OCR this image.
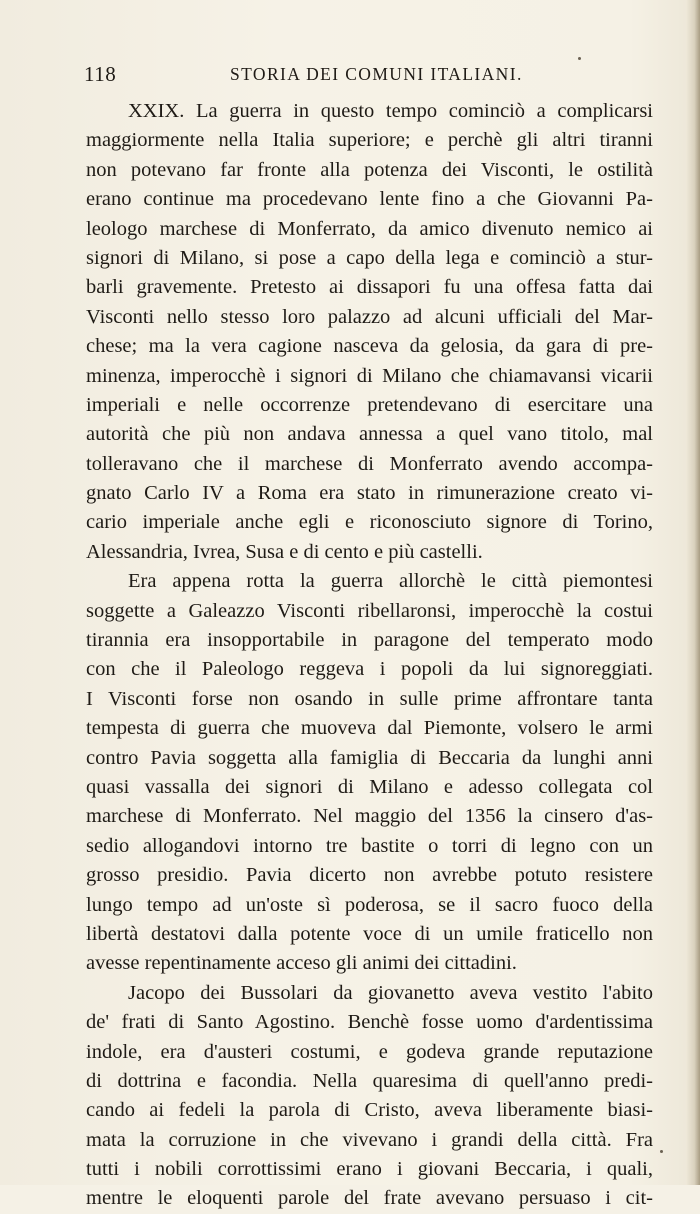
118	STORIA DEI COMUNI ITALIANI.
XXIX. La guerra in questo tempo cominciò a complicarsi
maggiormente nella Italia superiore; e perchè gli altri tiranni
non potevano far fronte alla potenza dei Visconti, le ostilità
erano continue ma procedevano lente fino a che Giovanni Pa-
leologo marchese di Monferrato, da amico divenuto nemico ai
signori di Milano, si pose a capo della lega e cominciò a stur-
barli gravemente. Pretesto ai dissapori fu una offesa fatta dai
Visconti nello stesso loro palazzo ad alcuni ufficiali del Mar-
chese; ma la vera cagione nasceva da gelosia, da gara di pre-
minenza, imperocchè i signori di Milano che chiamavansi vicarii
imperiali e nelle occorrenze pretendevano di esercitare una
autorità che più non andava annessa a quel vano titolo, mal
tolleravano che il marchese di Monferrato avendo accompa-
gnato Carlo IV a Roma era stato in rimunerazione creato vi-
cario imperiale anche egli e riconosciuto signore di Torino,
Alessandria, Ivrea, Susa e di cento e più castelli.
Era appena rotta la guerra allorchè le città piemontesi
soggette a Galeazzo Visconti ribellaronsi, imperocchè la costui
tirannia era insopportabile in paragone del temperato modo
con che il Paleologo reggeva i popoli da lui signoreggiati.
I Visconti forse non osando in sulle prime affrontare tanta
tempesta di guerra che muoveva dal Piemonte, volsero le armi
contro Pavia soggetta alla famiglia di Beccaria da lunghi anni
quasi vassalla dei signori di Milano e adesso collegata col
marchese di Monferrato. Nel maggio del 1356 la cinsero d'as-
sedio allogandovi intorno tre bastite o torri di legno con un
grosso presidio. Pavia dicerto non avrebbe potuto resistere
lungo tempo ad un'oste sì poderosa, se il sacro fuoco della
libertà destatovi dalla potente voce di un umile fraticello non
avesse repentinamente acceso gli animi dei cittadini.
Jacopo dei Bussolari da giovanetto aveva vestito l'abito
de' frati di Santo Agostino. Benchè fosse uomo d'ardentissima
indole, era d'austeri costumi, e godeva grande reputazione
di dottrina e facondia. Nella quaresima di quell'anno predi-
cando ai fedeli la parola di Cristo, aveva liberamente biasi-
mata la corruzione in che vivevano i grandi della città. Fra
tutti i nobili corrottissimi erano i giovani Beccaria, i quali,
mentre le eloquenti parole del frate avevano persuaso i cit-
